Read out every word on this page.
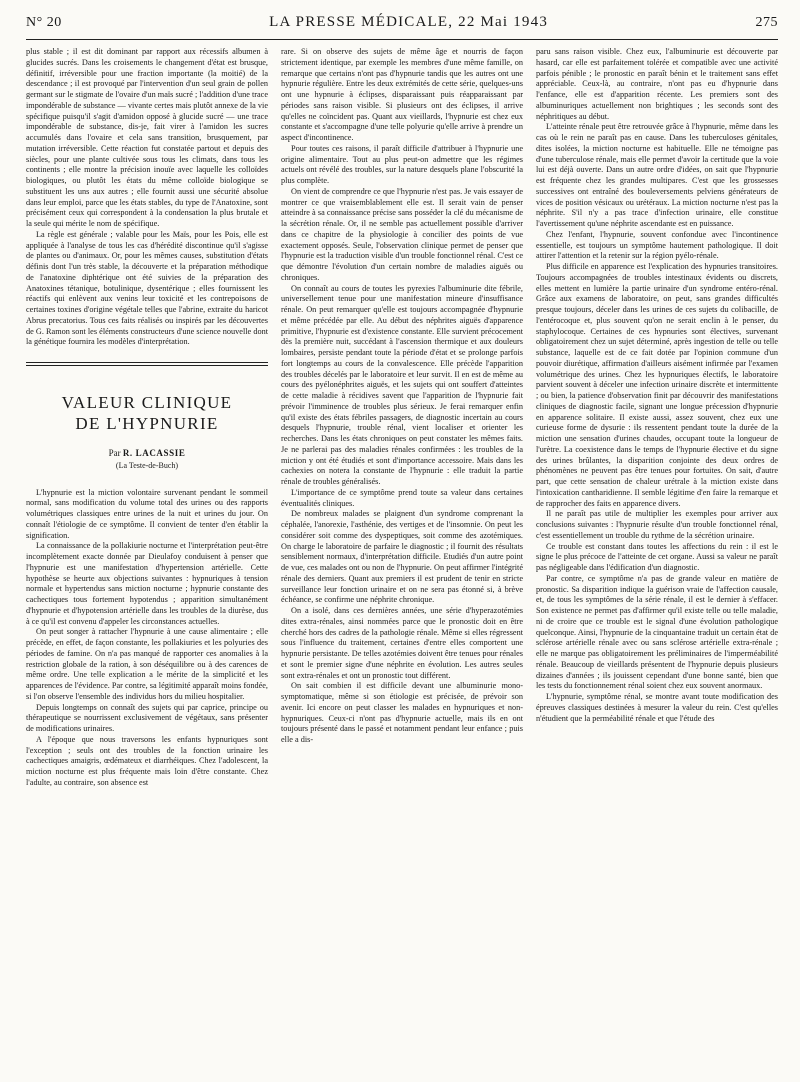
N° 20	LA PRESSE MÉDICALE, 22 Mai 1943	275

plus stable ; il est dit dominant par rapport aux récessifs albumen à glucides sucrés. Dans les croisements le changement d'état est brusque, définitif, irréversible pour une fraction importante (la moitié) de la descendance ; il est provoqué par l'intervention d'un seul grain de pollen germant sur le stigmate de l'ovaire d'un maïs sucré ; l'addition d'une trace impondérable de substance — vivante certes mais plutôt annexe de la vie spécifique puisqu'il s'agit d'amidon opposé à glucide sucré — une trace impondérable de substance, dis-je, fait virer à l'amidon les sucres accumulés dans l'ovaire et cela sans transition, brusquement, par mutation irréversible. Cette réaction fut constatée partout et depuis des siècles, pour une plante cultivée sous tous les climats, dans tous les continents ; elle montre la précision inouïe avec laquelle les colloïdes biologiques, ou plutôt les états du même colloïde biologique se substituent les uns aux autres ; elle fournit aussi une sécurité absolue dans leur emploi, parce que les états stables, du type de l'Anatoxine, sont précisément ceux qui correspondent à la condensation la plus brutale et la seule qui mérite le nom de spécifique.

La règle est générale ; valable pour les Maïs, pour les Pois, elle est appliquée à l'analyse de tous les cas d'hérédité discontinue qu'il s'agisse de plantes ou d'animaux. Or, pour les mêmes causes, substitution d'états définis dont l'un très stable, la découverte et la préparation méthodique de l'anatoxine diphtérique ont été suivies de la préparation des Anatoxines tétanique, botulinique, dysentérique ; elles fournissent les réactifs qui enlèvent aux venins leur toxicité et les contrepoisons de certaines toxines d'origine végétale telles que l'abrine, extraite du haricot Abrus precatorius. Tous ces faits réalisés ou inspirés par les découvertes de G. Ramon sont les éléments constructeurs d'une science nouvelle dont la génétique fournira les modèles d'interprétation.

VALEUR CLINIQUE
DE L'HYPNURIE
Par R. LACASSIE
(La Teste-de-Buch)

L'hypnurie est la miction volontaire survenant pendant le sommeil normal, sans modification du volume total des urines ou des rapports volumétriques classiques entre urines de la nuit et urines du jour. On connaît l'étiologie de ce symptôme. Il convient de tenter d'en établir la signification.

La connaissance de la pollakiurie nocturne et l'interprétation peut-être incomplètement exacte donnée par Dieulafoy conduisent à penser que l'hypnurie est une manifestation d'hypertension artérielle. Cette hypothèse se heurte aux objections suivantes : hypnuriques à tension normale et hypertendus sans miction nocturne ; hypnurie constante des cachectiques tous fortement hypotendus ; apparition simultanément d'hypnurie et d'hypotension artérielle dans les troubles de la diurèse, dus à ce qu'il est convenu d'appeler les circonstances actuelles.

On peut songer à rattacher l'hypnurie à une cause alimentaire ; elle précède, en effet, de façon constante, les pollakiuries et les polyuries des périodes de famine. On n'a pas manqué de rapporter ces anomalies à la restriction globale de la ration, à son déséquilibre ou à des carences de même ordre. Une telle explication a le mérite de la simplicité et les apparences de l'évidence. Par contre, sa légitimité apparaît moins fondée, si l'on observe l'ensemble des individus hors du milieu hospitalier.

Depuis longtemps on connaît des sujets qui par caprice, principe ou thérapeutique se nourrissent exclusivement de végétaux, sans présenter de modifications urinaires.

A l'époque que nous traversons les enfants hypnuriques sont l'exception ; seuls ont des troubles de la fonction urinaire les cachectiques amaigris, œdémateux et diarrhéiques. Chez l'adolescent, la miction nocturne est plus fréquente mais loin d'être constante. Chez l'adulte, au contraire, son absence est

rare. Si on observe des sujets de même âge et nourris de façon strictement identique, par exemple les membres d'une même famille, on remarque que certains n'ont pas d'hypnurie tandis que les autres ont une hypnurie régulière. Entre les deux extrémités de cette série, quelques-uns ont une hypnurie à éclipses, disparaissant puis réapparaissant par périodes sans raison visible. Si plusieurs ont des éclipses, il arrive qu'elles ne coïncident pas. Quant aux vieillards, l'hypnurie est chez eux constante et s'accompagne d'une telle polyurie qu'elle arrive à prendre un aspect d'incontinence.

Pour toutes ces raisons, il paraît difficile d'attribuer à l'hypnurie une origine alimentaire. Tout au plus peut-on admettre que les régimes actuels ont révélé des troubles, sur la nature desquels plane l'obscurité la plus complète.

On vient de comprendre ce que l'hypnurie n'est pas. Je vais essayer de montrer ce que vraisemblablement elle est. Il serait vain de penser atteindre à sa connaissance précise sans posséder la clé du mécanisme de la sécrétion rénale. Or, il ne semble pas actuellement possible d'arriver dans ce chapitre de la physiologie à concilier des points de vue exactement opposés. Seule, l'observation clinique permet de penser que l'hypnurie est la traduction visible d'un trouble fonctionnel rénal. C'est ce que démontre l'évolution d'un certain nombre de maladies aiguës ou chroniques.

On connaît au cours de toutes les pyrexies l'albuminurie dite fébrile, universellement tenue pour une manifestation mineure d'insuffisance rénale. On peut remarquer qu'elle est toujours accompagnée d'hypnurie et même précédée par elle. Au début des néphrites aiguës d'apparence primitive, l'hypnurie est d'existence constante. Elle survient précocement dès la première nuit, succédant à l'ascension thermique et aux douleurs lombaires, persiste pendant toute la période d'état et se prolonge parfois fort longtemps au cours de la convalescence. Elle précède l'apparition des troubles décelés par le laboratoire et leur survit. Il en est de même au cours des pyélonéphrites aiguës, et les sujets qui ont souffert d'atteintes de cette maladie à récidives savent que l'apparition de l'hypnurie fait prévoir l'imminence de troubles plus sérieux. Je ferai remarquer enfin qu'il existe des états fébriles passagers, de diagnostic incertain au cours desquels l'hypnurie, trouble rénal, vient localiser et orienter les recherches. Dans les états chroniques on peut constater les mêmes faits. Je ne parlerai pas des maladies rénales confirmées : les troubles de la miction y ont été étudiés et sont d'importance accessoire. Mais dans les cachexies on notera la constante de l'hypnurie : elle traduit la partie rénale de troubles généralisés.

L'importance de ce symptôme prend toute sa valeur dans certaines éventualités cliniques.

De nombreux malades se plaignent d'un syndrome comprenant la céphalée, l'anorexie, l'asthénie, des vertiges et de l'insomnie. On peut les considérer soit comme des dyspeptiques, soit comme des azotémiques. On charge le laboratoire de parfaire le diagnostic ; il fournit des résultats sensiblement normaux, d'interprétation difficile. Etudiés d'un autre point de vue, ces malades ont ou non de l'hypnurie. On peut affirmer l'intégrité rénale des derniers. Quant aux premiers il est prudent de tenir en stricte surveillance leur fonction urinaire et on ne sera pas étonné si, à brève échéance, se confirme une néphrite chronique.

On a isolé, dans ces dernières années, une série d'hyperazotémies dites extra-rénales, ainsi nommées parce que le pronostic doit en être cherché hors des cadres de la pathologie rénale. Même si elles régressent sous l'influence du traitement, certaines d'entre elles comportent une hypnurie persistante. De telles azotémies doivent être tenues pour rénales et sont le premier signe d'une néphrite en évolution. Les autres seules sont extra-rénales et ont un pronostic tout différent.

On sait combien il est difficile devant une albuminurie mono-symptomatique, même si son étiologie est précisée, de prévoir son avenir. Ici encore on peut classer les malades en hypnuriques et non-hypnuriques. Ceux-ci n'ont pas d'hypnurie actuelle, mais ils en ont toujours présenté dans le passé et notamment pendant leur enfance ; puis elle a dis-

paru sans raison visible. Chez eux, l'albuminurie est découverte par hasard, car elle est parfaitement tolérée et compatible avec une activité parfois pénible ; le pronostic en paraît bénin et le traitement sans effet appréciable. Ceux-là, au contraire, n'ont pas eu d'hypnurie dans l'enfance, elle est d'apparition récente. Les premiers sont des albuminuriques actuellement non brightiques ; les seconds sont des néphritiques au début.

L'atteinte rénale peut être retrouvée grâce à l'hypnurie, même dans les cas où le rein ne paraît pas en cause. Dans les tuberculoses génitales, dites isolées, la miction nocturne est habituelle. Elle ne témoigne pas d'une tuberculose rénale, mais elle permet d'avoir la certitude que la voie lui est déjà ouverte. Dans un autre ordre d'idées, on sait que l'hypnurie est fréquente chez les grandes multipares. C'est que les grossesses successives ont entraîné des bouleversements pelviens générateurs de vices de position vésicaux ou urétéraux. La miction nocturne n'est pas la néphrite. S'il n'y a pas trace d'infection urinaire, elle constitue l'avertissement qu'une néphrite ascendante est en puissance.

Chez l'enfant, l'hypnurie, souvent confondue avec l'incontinence essentielle, est toujours un symptôme hautement pathologique. Il doit attirer l'attention et la retenir sur la région pyélo-rénale.

Plus difficile en apparence est l'explication des hypnuries transitoires. Toujours accompagnées de troubles intestinaux évidents ou discrets, elles mettent en lumière la partie urinaire d'un syndrome entéro-rénal. Grâce aux examens de laboratoire, on peut, sans grandes difficultés presque toujours, déceler dans les urines de ces sujets du colibacille, de l'entérocoque et, plus souvent qu'on ne serait enclin à le penser, du staphylocoque. Certaines de ces hypnuries sont électives, survenant obligatoirement chez un sujet déterminé, après ingestion de telle ou telle substance, laquelle est de ce fait dotée par l'opinion commune d'un pouvoir diurétique, affirmation d'ailleurs aisément infirmée par l'examen volumétrique des urines. Chez les hypnuriques électifs, le laboratoire parvient souvent à déceler une infection urinaire discrète et intermittente ; ou bien, la patience d'observation finit par découvrir des manifestations cliniques de diagnostic facile, signant une longue précession d'hypnurie en apparence solitaire. Il existe aussi, assez souvent, chez eux une curieuse forme de dysurie : ils ressentent pendant toute la durée de la miction une sensation d'urines chaudes, occupant toute la longueur de l'urètre. La coexistence dans le temps de l'hypnurie élective et du signe des urines brûlantes, la disparition conjointe des deux ordres de phénomènes ne peuvent pas être tenues pour fortuites. On sait, d'autre part, que cette sensation de chaleur urétrale à la miction existe dans l'intoxication cantharidienne. Il semble légitime d'en faire la remarque et de rapprocher des faits en apparence divers.

Il ne paraît pas utile de multiplier les exemples pour arriver aux conclusions suivantes : l'hypnurie résulte d'un trouble fonctionnel rénal, c'est essentiellement un trouble du rythme de la sécrétion urinaire.

Ce trouble est constant dans toutes les affections du rein : il est le signe le plus précoce de l'atteinte de cet organe. Aussi sa valeur ne paraît pas négligeable dans l'édification d'un diagnostic.

Par contre, ce symptôme n'a pas de grande valeur en matière de pronostic. Sa disparition indique la guérison vraie de l'affection causale, et, de tous les symptômes de la série rénale, il est le dernier à s'effacer. Son existence ne permet pas d'affirmer qu'il existe telle ou telle maladie, ni de croire que ce trouble est le signal d'une évolution pathologique quelconque. Ainsi, l'hypnurie de la cinquantaine traduit un certain état de sclérose artérielle rénale avec ou sans sclérose artérielle extra-rénale ; elle ne marque pas obligatoirement les préliminaires de l'imperméabilité rénale. Beaucoup de vieillards présentent de l'hypnurie depuis plusieurs dizaines d'années ; ils jouissent cependant d'une bonne santé, bien que les tests du fonctionnement rénal soient chez eux souvent anormaux.

L'hypnurie, symptôme rénal, se montre avant toute modification des épreuves classiques destinées à mesurer la valeur du rein. C'est qu'elles n'étudient que la perméabilité rénale et que l'étude des
